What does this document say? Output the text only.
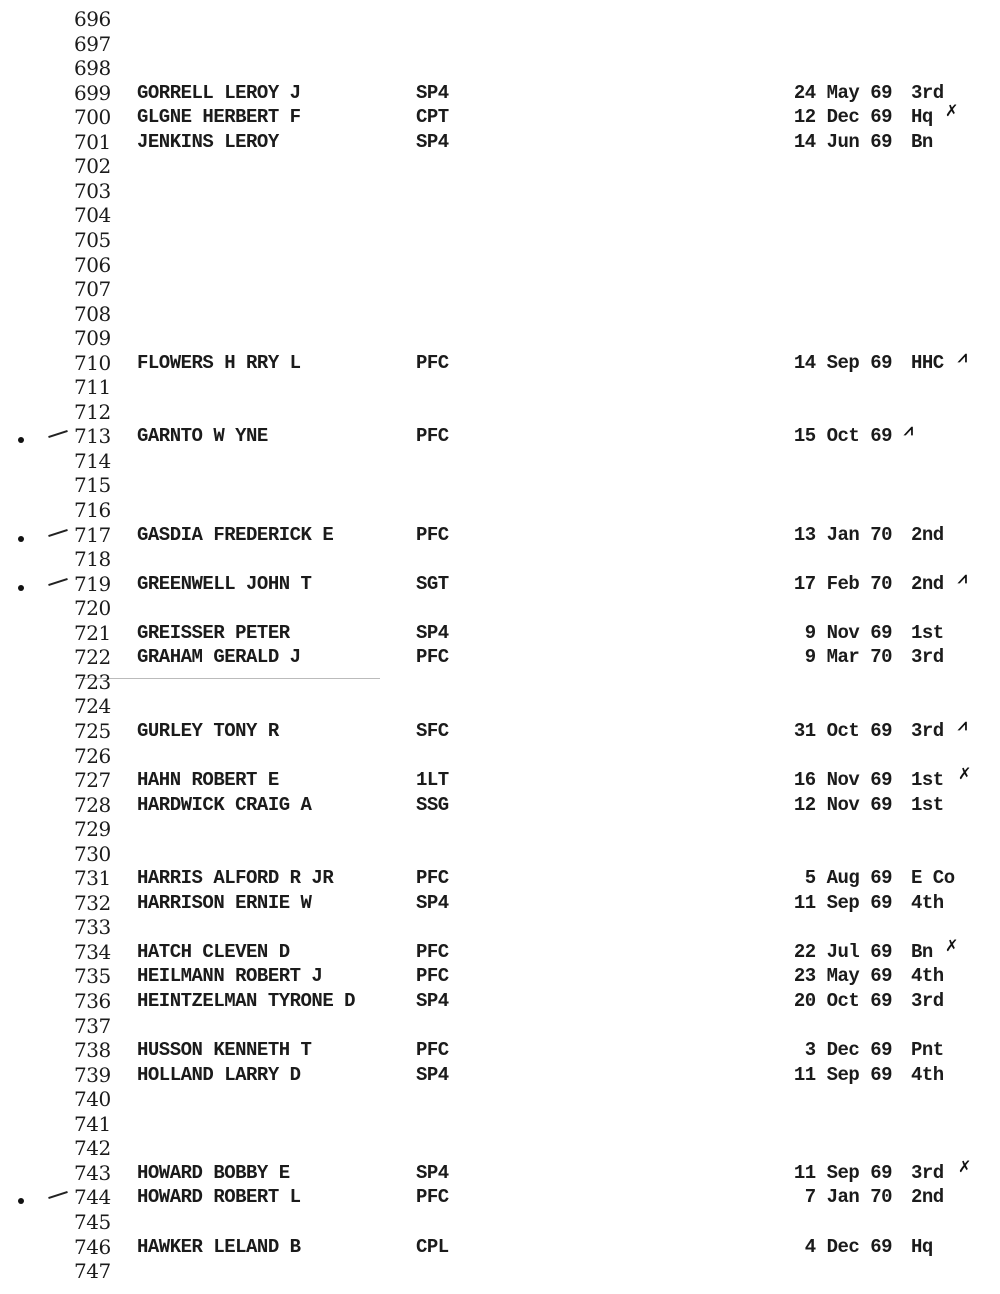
696
697
698
699	GORRELL LEROY J	SP4	24 May 69 3rd
700	GLGNE HERBERT F	CPT	12 Dec 69 Hq ✗
701	JENKINS LEROY	SP4	14 Jun 69 Bn
702
703
704
705
706
707
708
709
710	FLOWERS H RRY L	PFC	14 Sep 69 HHC ⩘
711
712
713	GARNTO W YNE	PFC	15 Oct 69 ⩘
714
715
716
717	GASDIA FREDERICK E	PFC	13 Jan 70 2nd
718
719	GREENWELL JOHN T	SGT	17 Feb 70 2nd ⩘
720
721	GREISSER PETER	SP4	9 Nov 69 1st
722	GRAHAM GERALD J	PFC	9 Mar 70 3rd
723
724
725	GURLEY TONY R	SFC	31 Oct 69 3rd ⩘
726
727	HAHN ROBERT E	1LT	16 Nov 69 1st ✗
728	HARDWICK CRAIG A	SSG	12 Nov 69 1st
729
730
731	HARRIS ALFORD R JR	PFC	5 Aug 69 E Co
732	HARRISON ERNIE W	SP4	11 Sep 69 4th
733
734	HATCH CLEVEN D	PFC	22 Jul 69 Bn ✗
735	HEILMANN ROBERT J	PFC	23 May 69 4th
736	HEINTZELMAN TYRONE D	SP4	20 Oct 69 3rd
737
738	HUSSON KENNETH T	PFC	3 Dec 69 Pnt
739	HOLLAND LARRY D	SP4	11 Sep 69 4th
740
741
742
743	HOWARD BOBBY E	SP4	11 Sep 69 3rd ✗
744	HOWARD ROBERT L	PFC	7 Jan 70 2nd
745
746	HAWKER LELAND B	CPL	4 Dec 69 Hq
747
